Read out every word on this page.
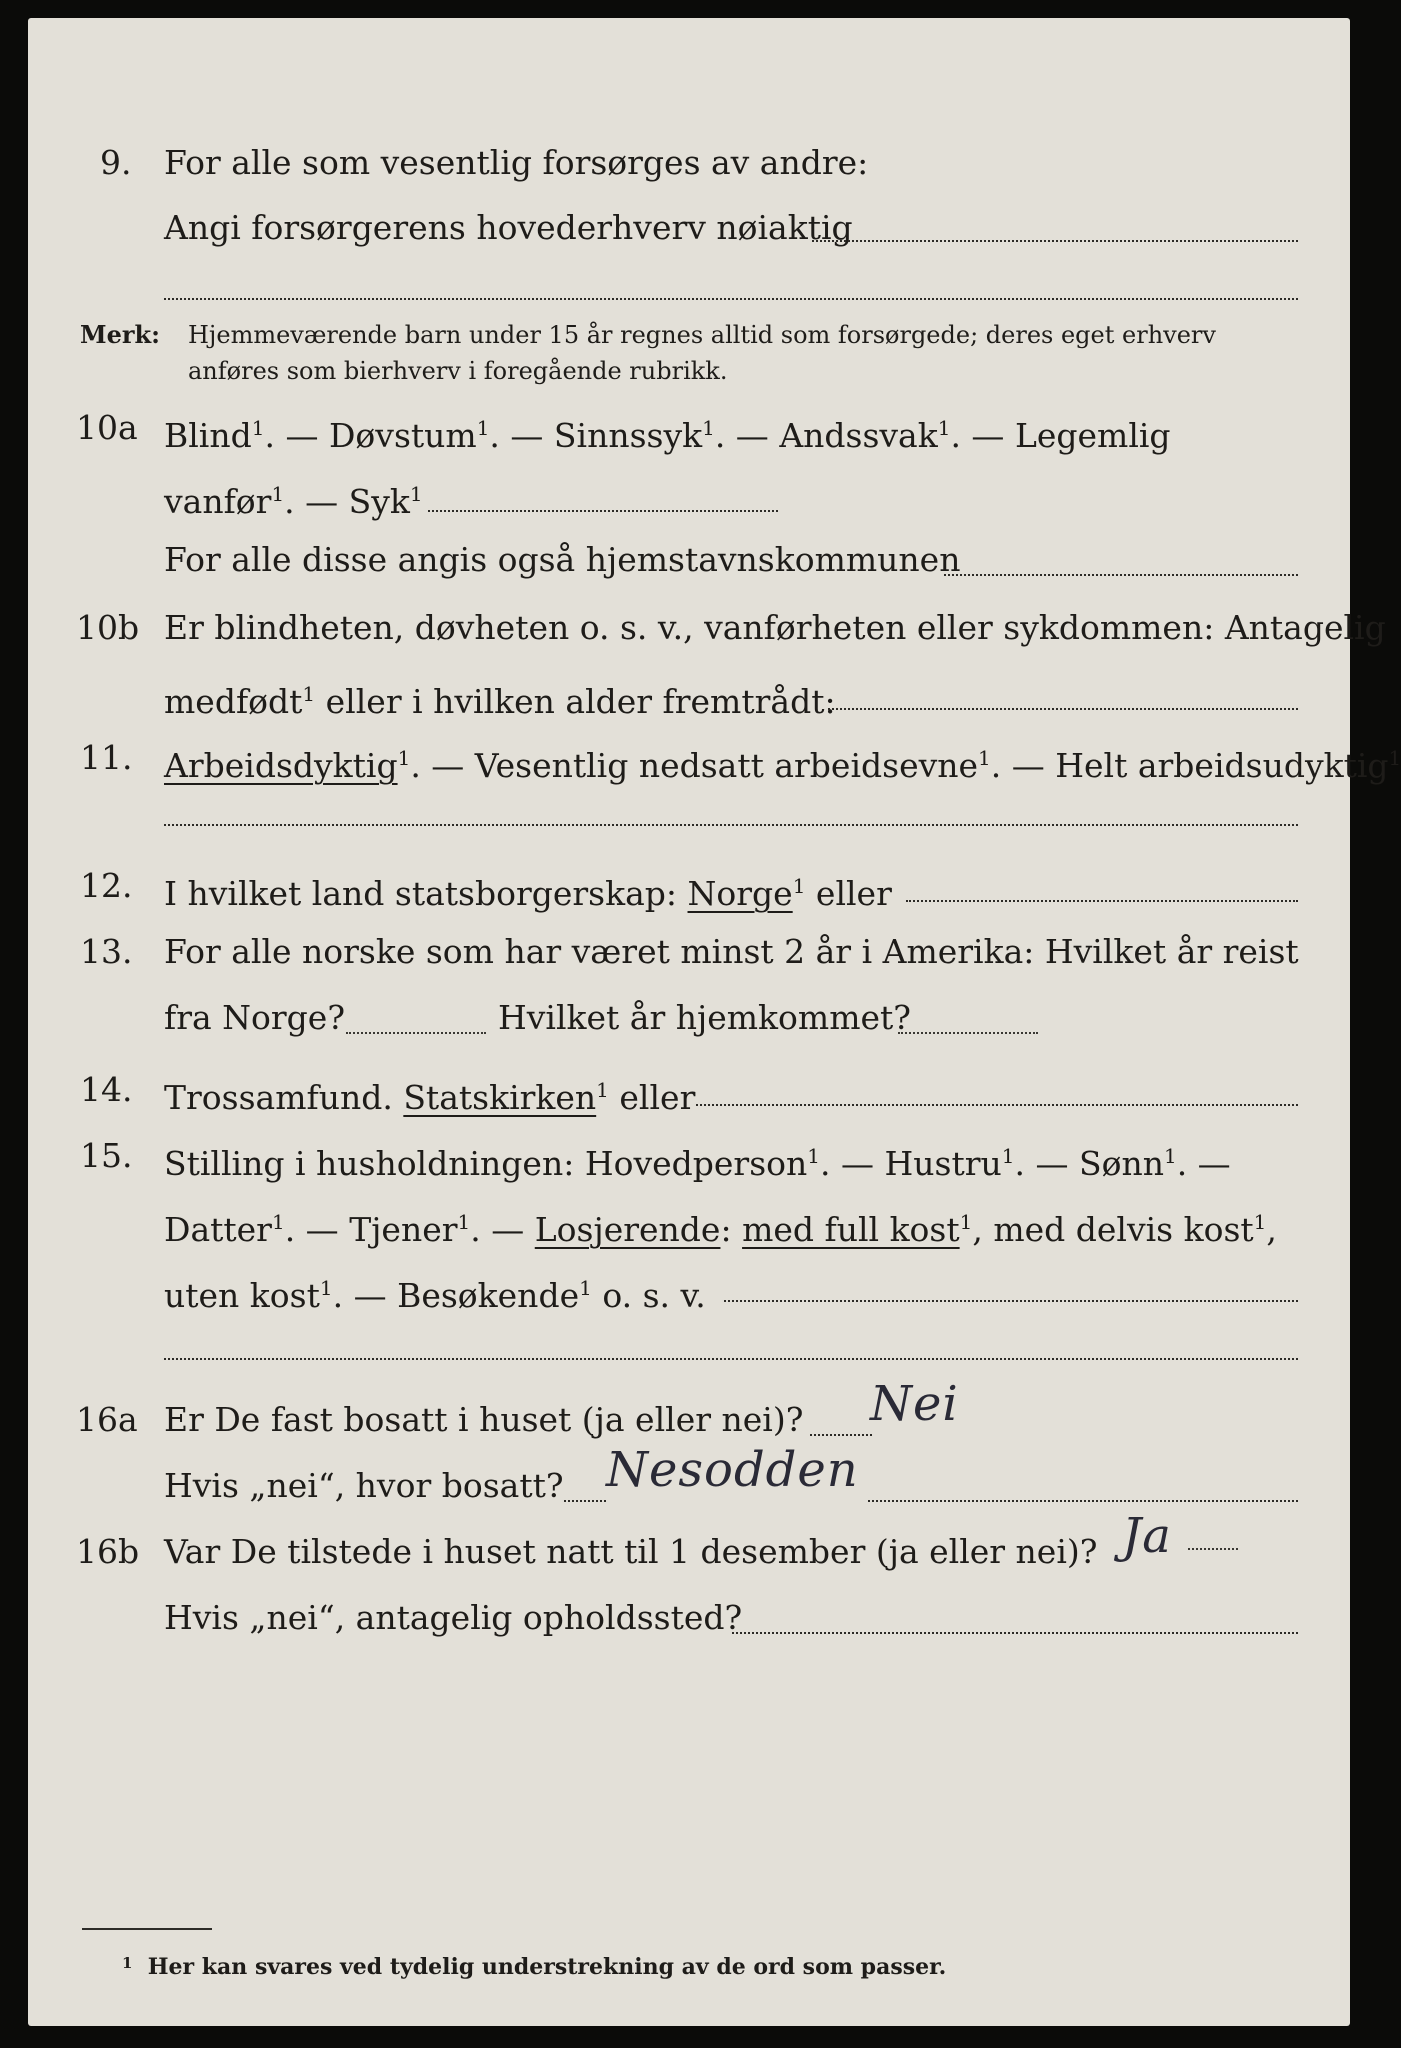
9. For alle som vesentlig forsørges av andre:
Angi forsørgerens hovederhverv nøiaktig
Merk: Hjemmeværende barn under 15 år regnes alltid som forsørgede; deres eget erhverv
anføres som bierhverv i foregående rubrikk.
10a Blind$^1$. — Døvstum$^1$. — Sinnssyk$^1$. — Andssvak$^1$. — Legemlig
vanfør$^1$. — Syk$^1$
For alle disse angis også hjemstavnskommunen
10b Er blindheten, døvheten o. s. v., vanførheten eller sykdommen: Antagelig
medfødt$^1$ eller i hvilken alder fremtrådt:
11. Arbeidsdyktig$^1$. — Vesentlig nedsatt arbeidsevne$^1$. — Helt arbeidsudyktig$^1$
12. I hvilket land statsborgerskap: Norge$^1$ eller
13. For alle norske som har været minst 2 år i Amerika: Hvilket år reist
fra Norge?	Hvilket år hjemkommet?
14. Trossamfund. Statskirken$^1$ eller
15. Stilling i husholdningen: Hovedperson$^1$. — Hustru$^1$. — Sønn$^1$. —
Datter$^1$. — Tjener$^1$. — Losjerende: med full kost$^1$, med delvis kost$^1$,
uten kost$^1$. — Besøkende$^1$ o. s. v.
16a Er De fast bosatt i huset (ja eller nei)? Nei
Hvis „nei“, hvor bosatt? Nesodden
16b Var De tilstede i huset natt til 1 desember (ja eller nei)? Ja
Hvis „nei“, antagelig opholdssted?
$^1$ Her kan svares ved tydelig understrekning av de ord som passer.
